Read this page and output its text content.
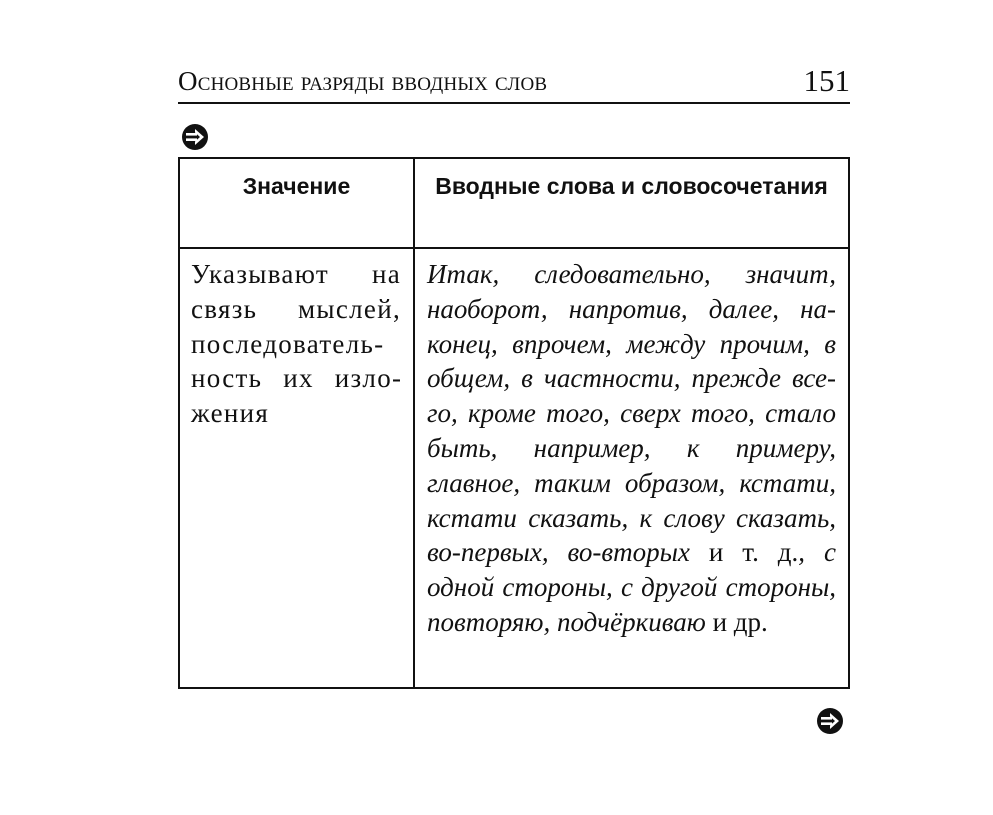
Основные разряды вводных слов	151
Значение	Вводные слова и словосочетания
Указывают на связь мыслей, последовательность их изложения	Итак, следовательно, значит, наоборот, напротив, далее, наконец, впрочем, между прочим, в общем, в частности, прежде всего, кроме того, сверх того, стало быть, например, к примеру, главное, таким образом, кстати, кстати сказать, к слову сказать, во-первых, во-вторых и т. д., с одной стороны, с другой стороны, повторяю, подчёркиваю и др.
